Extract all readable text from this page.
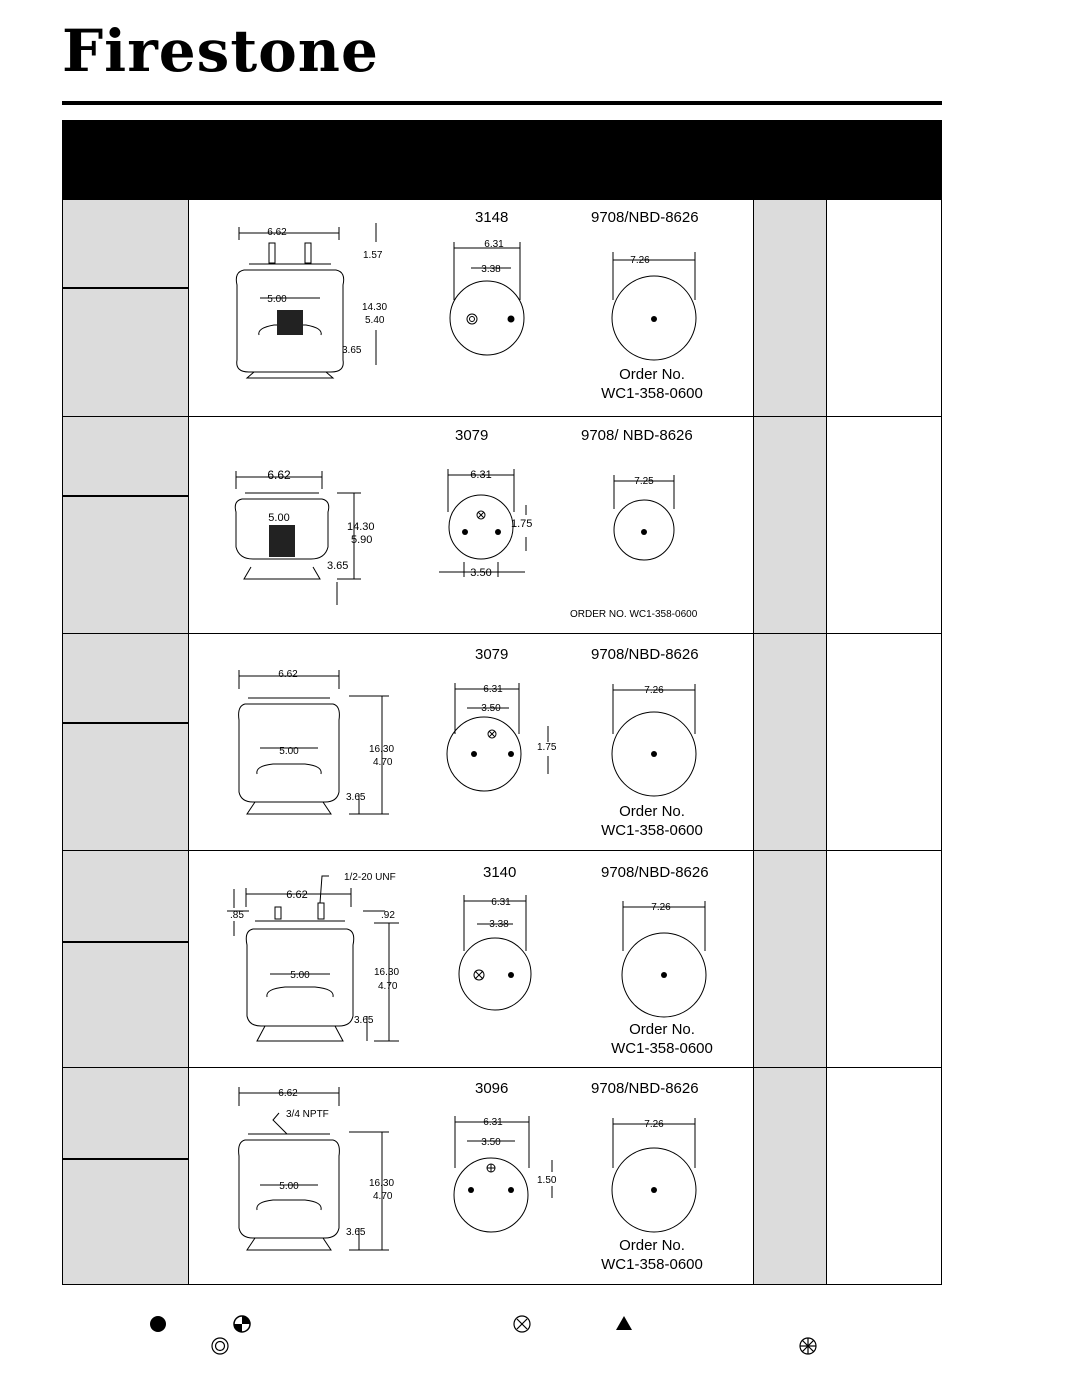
Firestone
6.62
1.57
5.00
14.30
5.40
3.65
6.31
3.38
7.26
3148	9708/NBD-8626
Order No.
WC1-358-0600
6.62
5.00
14.30
5.90
3.65
6.31
1.75
3.50
7.25
3079	9708/ NBD-8626
ORDER NO. WC1-358-0600
6.62
5.00	16.30
4.70
3.65
6.31
3.50
1.75
7.26
3079	9708/NBD-8626
Order No.
WC1-358-0600
1/2-20 UNF
6.62
.85	.92
5.00	16.30
4.70
3.65
6.31
3.38
7.26
3140	9708/NBD-8626
Order No.
WC1-358-0600
6.62
3/4 NPTF
5.00	16.30
4.70
3.65
6.31
3.50
1.50
7.26
3096	9708/NBD-8626
Order No.
WC1-358-0600
